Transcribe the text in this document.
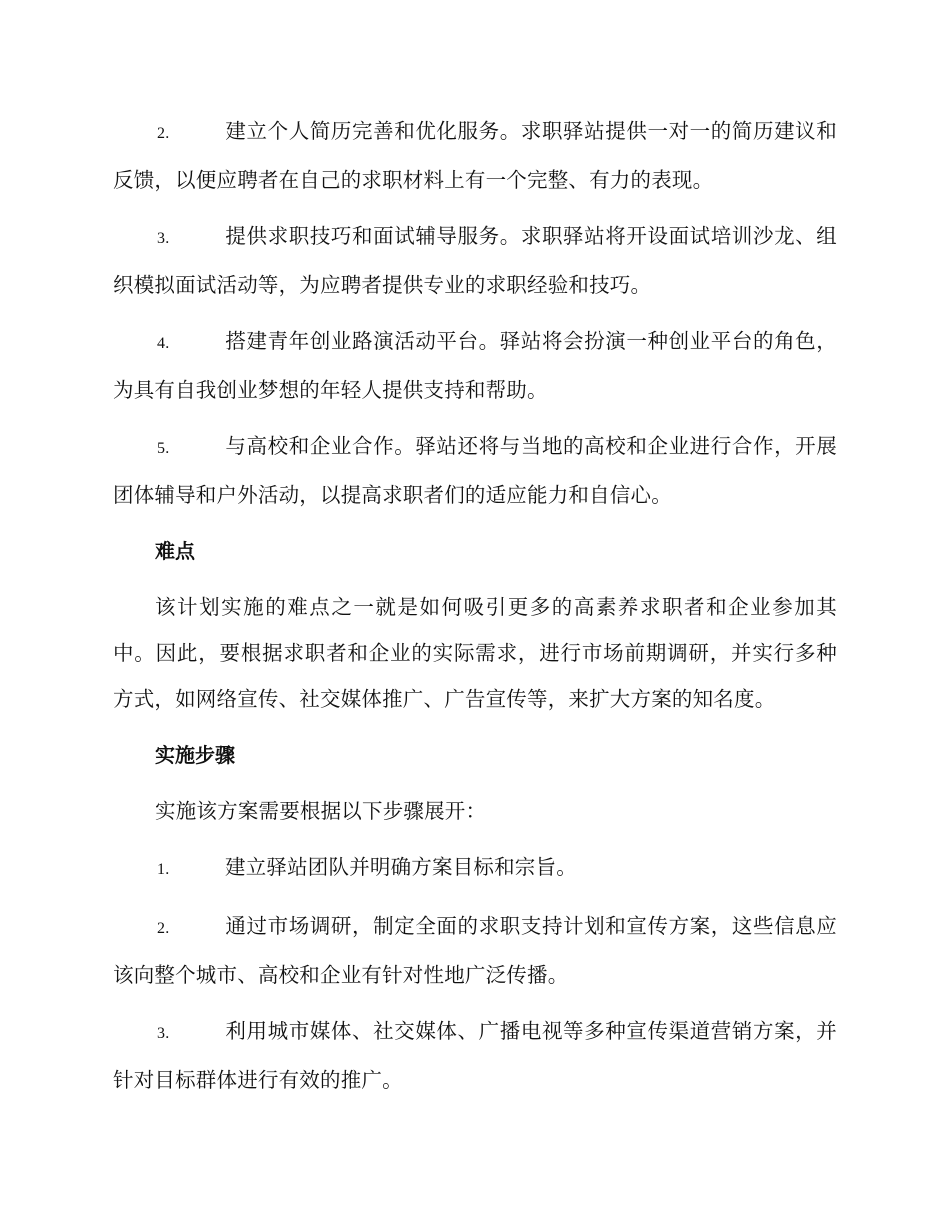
2.	建立个人简历完善和优化服务。求职驿站提供一对一的简历建议和反馈，以便应聘者在自己的求职材料上有一个完整、有力的表现。

3.	提供求职技巧和面试辅导服务。求职驿站将开设面试培训沙龙、组织模拟面试活动等，为应聘者提供专业的求职经验和技巧。

4.	搭建青年创业路演活动平台。驿站将会扮演一种创业平台的角色，为具有自我创业梦想的年轻人提供支持和帮助。

5.	与高校和企业合作。驿站还将与当地的高校和企业进行合作，开展团体辅导和户外活动，以提高求职者们的适应能力和自信心。

难点

该计划实施的难点之一就是如何吸引更多的高素养求职者和企业参加其中。因此，要根据求职者和企业的实际需求，进行市场前期调研，并实行多种方式，如网络宣传、社交媒体推广、广告宣传等，来扩大方案的知名度。

实施步骤

实施该方案需要根据以下步骤展开：

1.	建立驿站团队并明确方案目标和宗旨。

2.	通过市场调研，制定全面的求职支持计划和宣传方案，这些信息应该向整个城市、高校和企业有针对性地广泛传播。

3.	利用城市媒体、社交媒体、广播电视等多种宣传渠道营销方案，并针对目标群体进行有效的推广。
